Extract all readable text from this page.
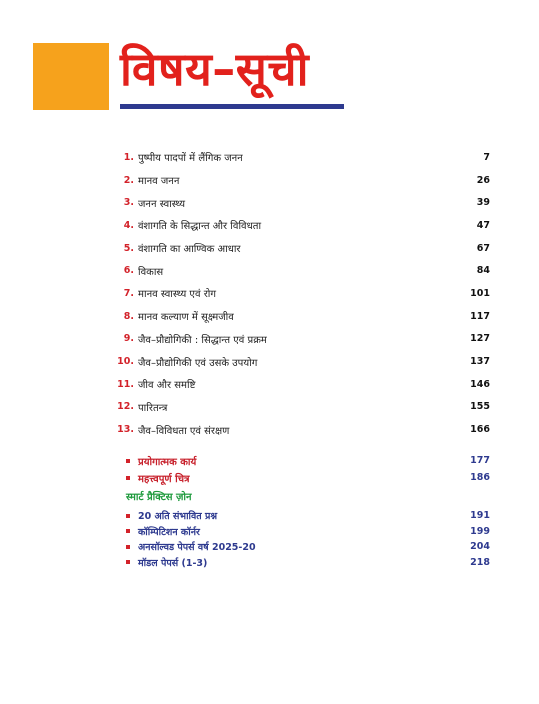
विषय–सूची
1. पुष्पीय पादपों में लैंगिक जनन	7
2. मानव जनन	26
3. जनन स्वास्थ्य	39
4. वंशागति के सिद्धान्त और विविधता	47
5. वंशागति का आण्विक आधार	67
6. विकास	84
7. मानव स्वास्थ्य एवं रोग	101
8. मानव कल्याण में सूक्ष्मजीव	117
9. जैव–प्रौद्योगिकी : सिद्धान्त एवं प्रक्रम	127
10. जैव–प्रौद्योगिकी एवं उसके उपयोग	137
11. जीव और समष्टि	146
12. पारितन्त्र	155
13. जैव–विविधता एवं संरक्षण	166
प्रयोगात्मक कार्य	177
महत्त्वपूर्ण चित्र	186
स्मार्ट प्रैक्टिस ज़ोन
20 अति संभावित प्रश्न	191
कॉम्पिटिशन कॉर्नर	199
अनसॉल्वड पेपर्स वर्ष 2025-20	204
मॉडल पेपर्स (1-3)	218
